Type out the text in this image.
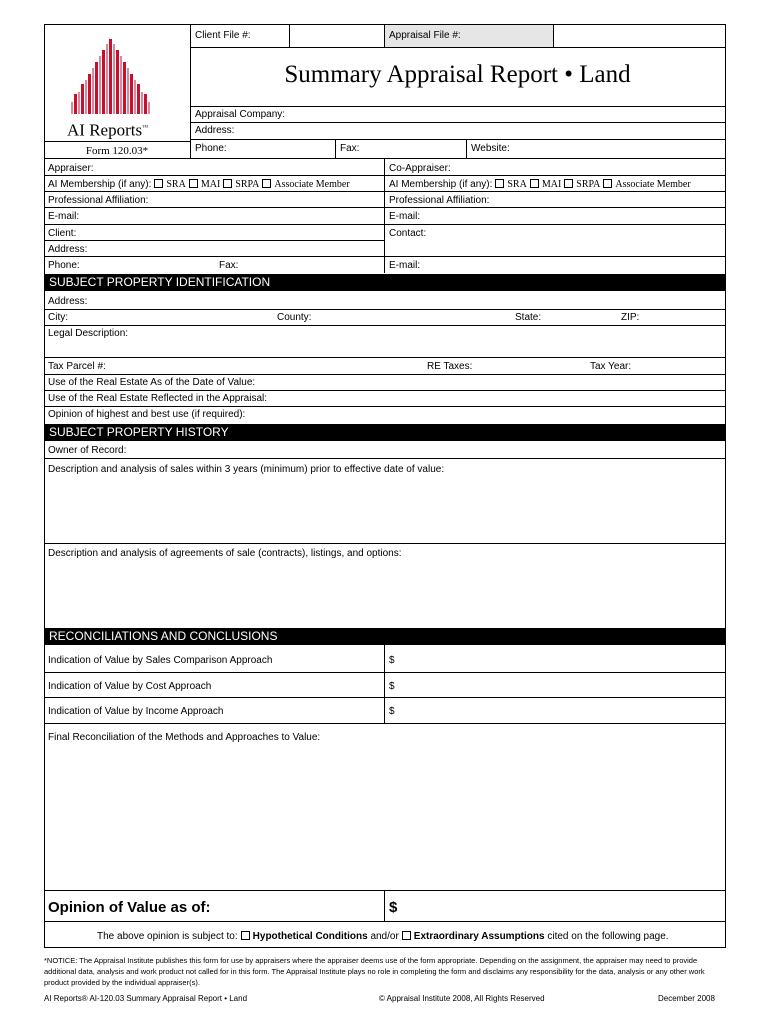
Client File #:	Appraisal File #:
Summary Appraisal Report • Land
AI Reports™
Form 120.03*
Appraisal Company:
Address:
Phone:	Fax:	Website:
Appraiser:	Co-Appraiser:
AI Membership (if any): SRA MAI SRPA Associate Member	AI Membership (if any): SRA MAI SRPA Associate Member
Professional Affiliation:	Professional Affiliation:
E-mail:	E-mail:
Client:	Contact:
Address:
Phone:	Fax:	E-mail:
SUBJECT PROPERTY IDENTIFICATION
Address:
City:	County:	State:	ZIP:
Legal Description:
Tax Parcel #:	RE Taxes:	Tax Year:
Use of the Real Estate As of the Date of Value:
Use of the Real Estate Reflected in the Appraisal:
Opinion of highest and best use (if required):
SUBJECT PROPERTY HISTORY
Owner of Record:
Description and analysis of sales within 3 years (minimum) prior to effective date of value:
Description and analysis of agreements of sale (contracts), listings, and options:
RECONCILIATIONS AND CONCLUSIONS
Indication of Value by Sales Comparison Approach	$
Indication of Value by Cost Approach	$
Indication of Value by Income Approach	$
Final Reconciliation of the Methods and Approaches to Value:
Opinion of Value as of:	$
The above opinion is subject to: Hypothetical Conditions and/or Extraordinary Assumptions cited on the following page.
*NOTICE: The Appraisal Institute publishes this form for use by appraisers where the appraiser deems use of the form appropriate. Depending on the assignment, the appraiser may need to provide additional data, analysis and work product not called for in this form. The Appraisal Institute plays no role in completing the form and disclaims any responsibility for the data, analysis or any other work product provided by the individual appraiser(s).
AI Reports® AI-120.03 Summary Appraisal Report • Land	© Appraisal Institute 2008, All Rights Reserved	December 2008
